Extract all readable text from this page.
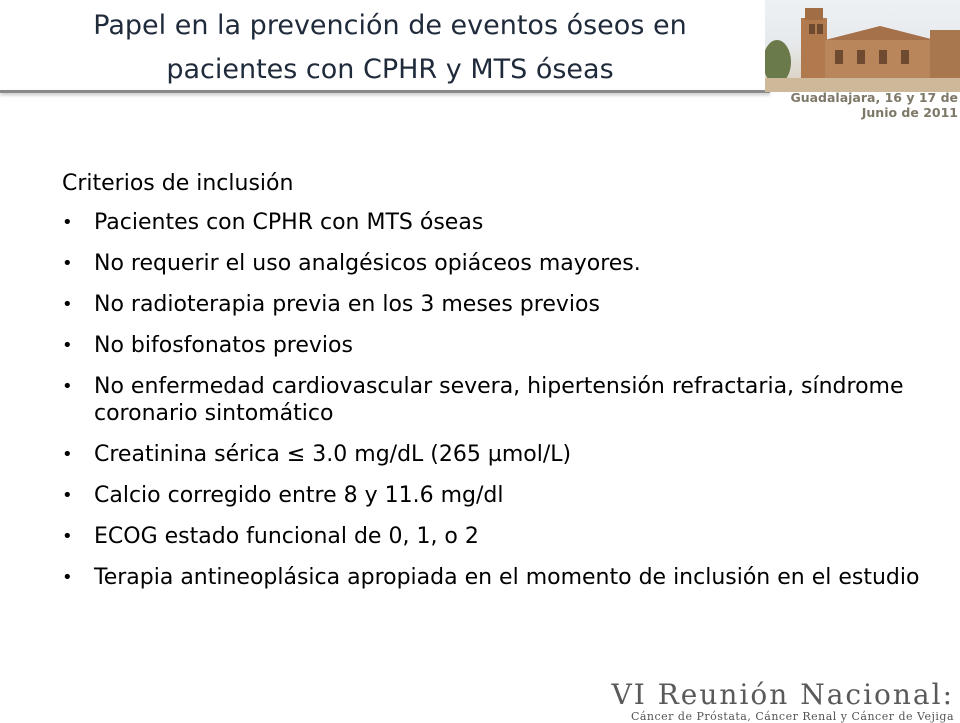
Papel en la prevención de eventos óseos en
pacientes con CPHR y MTS óseas
Guadalajara, 16 y 17 de Junio de 2011
Criterios de inclusión
• Pacientes con CPHR con MTS óseas
• No requerir el uso analgésicos opiáceos mayores.
• No radioterapia previa en los 3 meses previos
• No bifosfonatos previos
• No enfermedad cardiovascular severa, hipertensión refractaria, síndrome coronario sintomático
• Creatinina sérica ≤ 3.0 mg/dL (265 µmol/L)
• Calcio corregido entre 8 y 11.6 mg/dl
• ECOG estado funcional de 0, 1, o 2
• Terapia antineoplásica apropiada en el momento de inclusión en el estudio
VI Reunión Nacional:
Cáncer de Próstata, Cáncer Renal y Cáncer de Vejiga
